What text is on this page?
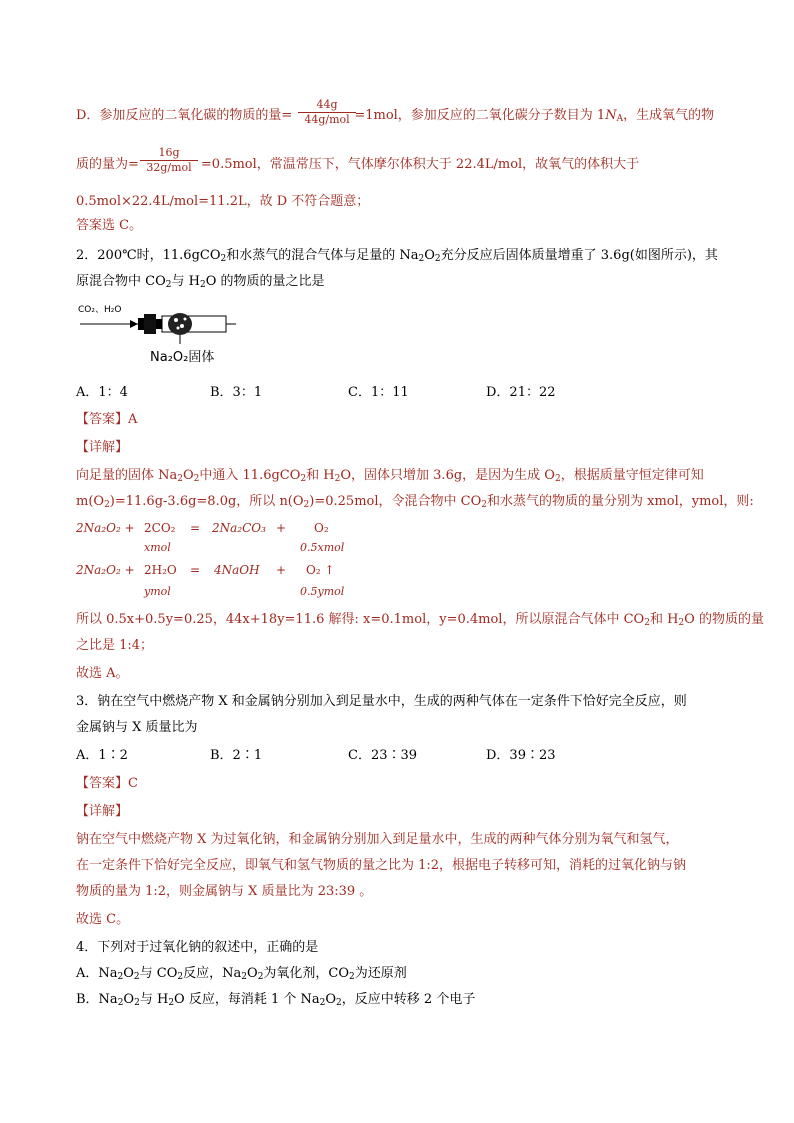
D．参加反应的二氧化碳的物质的量=	=1mol，参加反应的二氧化碳分子数目为 $1N_A$，生成氧气的物
44g
44g/mol
质的量为=	=0.5mol，常温常压下，气体摩尔体积大于 22.4L/mol，故氧气的体积大于
16g
32g/mol
0.5mol×22.4L/mol=11.2L，故 D 不符合题意；
答案选 C。
2．200℃时，11.6gCO$_2$和水蒸气的混合气体与足量的 $Na_2O_2$充分反应后固体质量增重了 3.6g(如图所示)，其
原混合物中 $CO_2$与 $H_2O$ 的物质的量之比是
CO₂、H₂O
Na₂O₂固体
A．1：4	B．3：1	C．1：11	D．21：22
【答案】A
【详解】
向足量的固体 $Na_2O_2$中通入 11.6gCO$_2$和 $H_2O$，固体只增加 3.6g，是因为生成 $O_2$，根据质量守恒定律可知
$m(O_2)=11.6g-3.6g=8.0g$，所以 $n(O_2)=0.25mol$，令混合物中 $CO_2$和水蒸气的物质的量分别为 xmol，ymol，则:
2Na₂O₂ + 2CO₂ = 2Na₂CO₃ + O₂
xmol	0.5xmol
2Na₂O₂ + 2H₂O = 4NaOH + O₂ ↑
ymol	0.5ymol
所以 0.5x+0.5y=0.25，44x+18y=11.6 解得: x=0.1mol，y=0.4mol，所以原混合气体中 $CO_2$和 $H_2O$ 的物质的量
之比是 1:4；
故选 A。
3．钠在空气中燃烧产物 X 和金属钠分别加入到足量水中，生成的两种气体在一定条件下恰好完全反应，则
金属钠与 X 质量比为
A．1∶2	B．2∶1	C．23∶39	D．39∶23
【答案】C
【详解】
钠在空气中燃烧产物 X 为过氧化钠，和金属钠分别加入到足量水中，生成的两种气体分别为氧气和氢气，
在一定条件下恰好完全反应，即氧气和氢气物质的量之比为 1:2，根据电子转移可知，消耗的过氧化钠与钠
物质的量为 1:2，则金属钠与 X 质量比为 23:39 。
故选 C。
4．下列对于过氧化钠的叙述中，正确的是
A．$Na_2O_2$与 $CO_2$反应，$Na_2O_2$为氧化剂，$CO_2$为还原剂
B．$Na_2O_2$与 $H_2O$ 反应，每消耗 1 个 $Na_2O_2$，反应中转移 2 个电子
